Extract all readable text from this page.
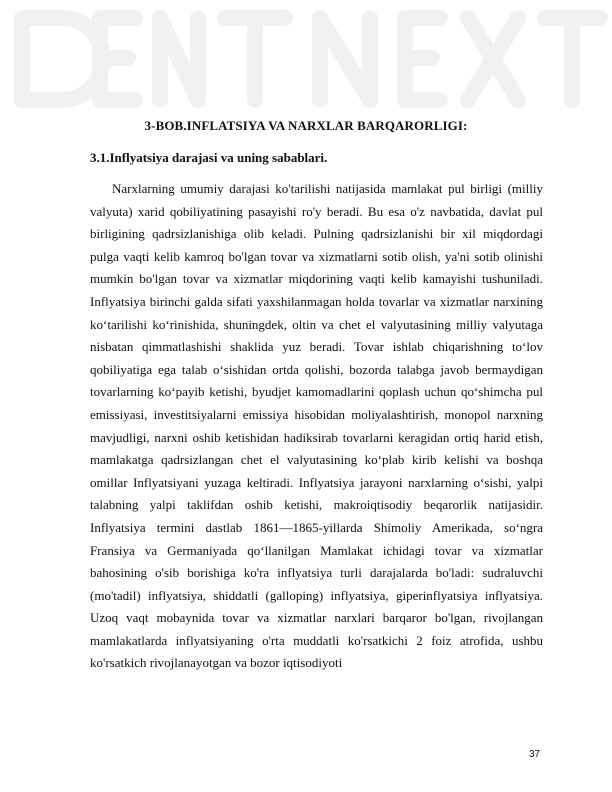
3-BOB.INFLATSIYA VA NARXLAR BARQARORLIGI:
3.1.Inflyatsiya darajasi va uning sabablari.

Narxlarning umumiy darajasi ko'tarilishi natijasida mamlakat pul birligi (milliy valyuta) xarid qobiliyatining pasayishi ro'y beradi. Bu esa o'z navbatida, davlat pul birligining qadrsizlanishiga olib keladi. Pulning qadrsizlanishi bir xil miqdordagi pulga vaqti kelib kamroq bo'lgan tovar va xizmatlarni sotib olish, ya'ni sotib olinishi mumkin bo'lgan tovar va xizmatlar miqdorining vaqti kelib kamayishi tushuniladi. Inflyatsiya birinchi galda sifati yaxshilanmagan holda tovarlar va xizmatlar narxining ko‘tarilishi ko‘rinishida, shuningdek, oltin va chet el valyutasining milliy valyutaga nisbatan qimmatlashishi shaklida yuz beradi. Tovar ishlab chiqarishning to‘lov qobiliyatiga ega talab o‘sishidan ortda qolishi, bozorda talabga javob bermaydigan tovarlarning ko‘payib ketishi, byudjet kamomadlarini qoplash uchun qo‘shimcha pul emissiyasi, investitsiyalarni emissiya hisobidan moliyalashtirish, monopol narxning mavjudligi, narxni oshib ketishidan hadiksirab tovarlarni keragidan ortiq harid etish, mamlakatga qadrsizlangan chet el valyutasining ko‘plab kirib kelishi va boshqa omillar Inflyatsiyani yuzaga keltiradi. Inflyatsiya jarayoni narxlarning o‘sishi, yalpi talabning yalpi taklifdan oshib ketishi, makroiqtisodiy beqarorlik natijasidir. Inflyatsiya termini dastlab 1861—1865-yillarda Shimoliy Amerikada, so‘ngra Fransiya va Germaniyada qo‘llanilgan Mamlakat ichidagi tovar va xizmatlar bahosining o'sib borishiga ko'ra inflyatsiya turli darajalarda bo'ladi: sudraluvchi (mo'tadil) inflyatsiya, shiddatli (galloping) inflyatsiya, giperinflyatsiya inflyatsiya. Uzoq vaqt mobaynida tovar va xizmatlar narxlari barqaror bo'lgan, rivojlangan mamlakatlarda inflyatsiyaning o'rta muddatli ko'rsatkichi 2 foiz atrofida, ushbu ko'rsatkich rivojlanayotgan va bozor iqtisodiyoti

37
